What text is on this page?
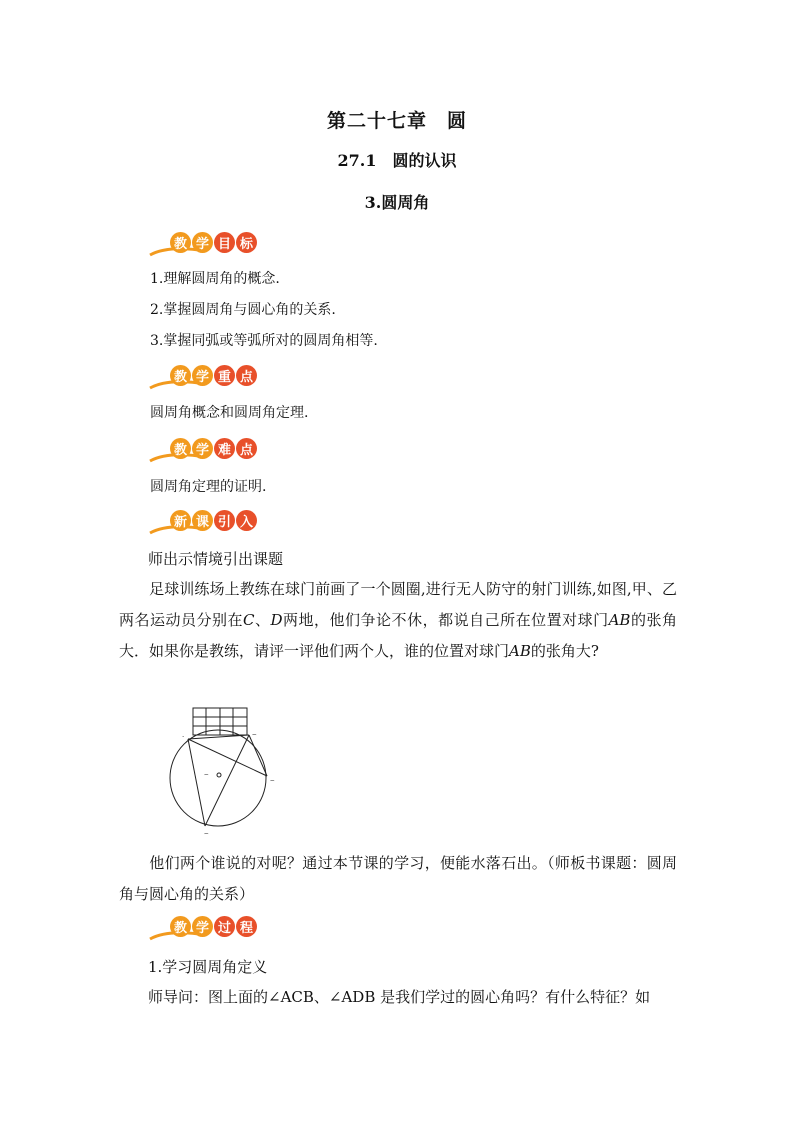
第二十七章　圆
27.1　圆的认识
3.圆周角
教 学 目 标
1.理解圆周角的概念.
2.掌握圆周角与圆心角的关系.
3.掌握同弧或等弧所对的圆周角相等.
教 学 重 点
圆周角概念和圆周角定理.
教 学 难 点
圆周角定理的证明.
新 课 引 入
师出示情境引出课题
足球训练场上教练在球门前画了一个圆圈,进行无人防守的射门训练,如图,甲、乙两名运动员分别在C、D两地，他们争论不休，都说自己所在位置对球门AB的张角大．如果你是教练，请评一评他们两个人，谁的位置对球门AB的张角大?
·	⌢
⌢
⌢
⌢
他们两个谁说的对呢？通过本节课的学习，便能水落石出。（师板书课题：圆周角与圆心角的关系）
教 学 过 程
1.学习圆周角定义
师导问：图上面的∠ACB、∠ADB 是我们学过的圆心角吗？有什么特征？如
